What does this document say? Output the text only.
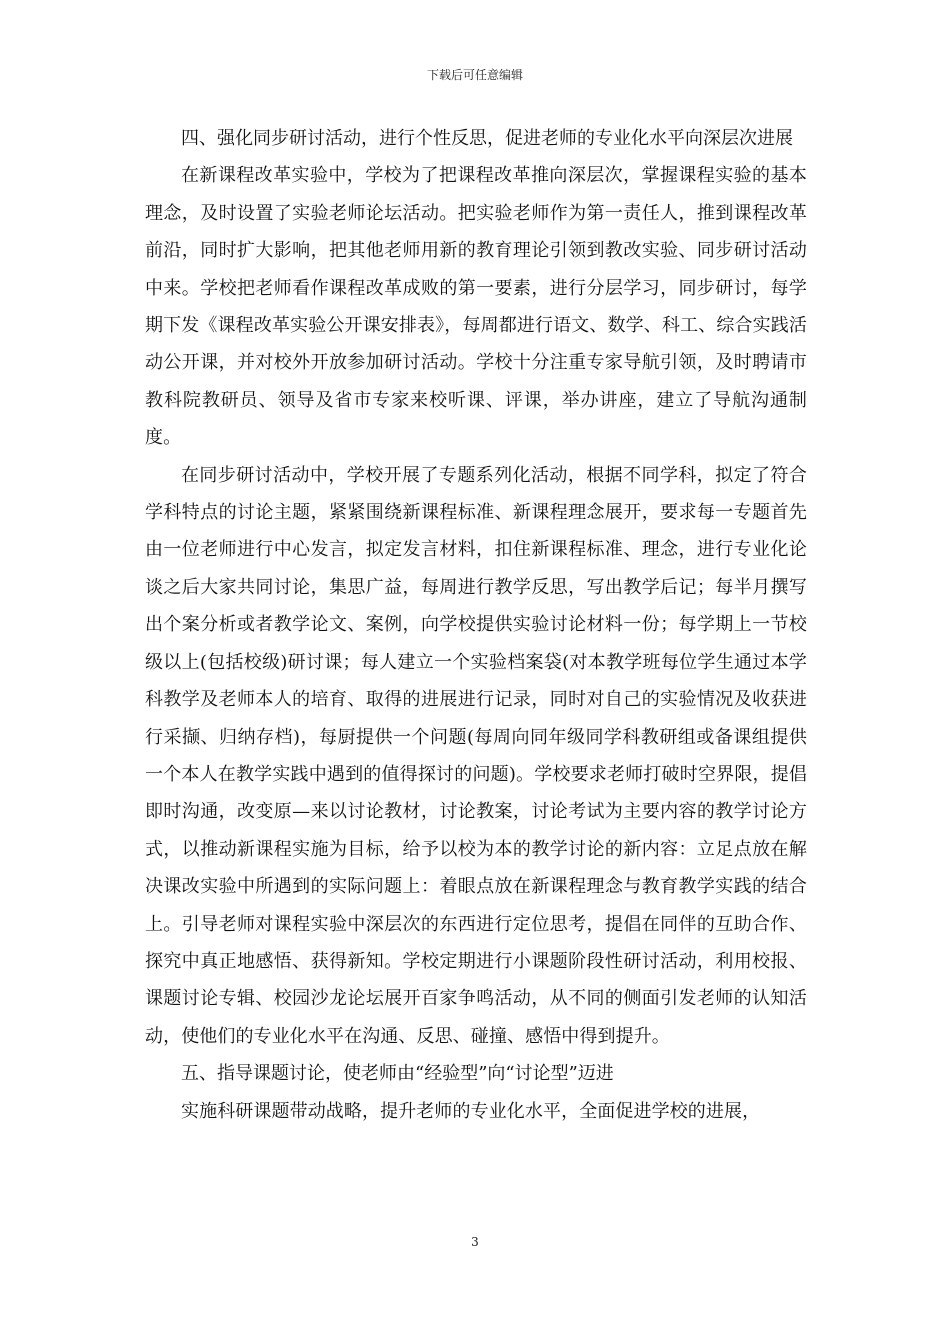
下载后可任意编辑

四、强化同步研讨活动，进行个性反思，促进老师的专业化水平向深层次进展

在新课程改革实验中，学校为了把课程改革推向深层次，掌握课程实验的基本理念，及时设置了实验老师论坛活动。把实验老师作为第一责任人，推到课程改革前沿，同时扩大影响，把其他老师用新的教育理论引领到教改实验、同步研讨活动中来。学校把老师看作课程改革成败的第一要素，进行分层学习，同步研讨，每学期下发《课程改革实验公开课安排表》，每周都进行语文、数学、科工、综合实践活动公开课，并对校外开放参加研讨活动。学校十分注重专家导航引领，及时聘请市教科院教研员、领导及省市专家来校听课、评课，举办讲座，建立了导航沟通制度。

在同步研讨活动中，学校开展了专题系列化活动，根据不同学科，拟定了符合学科特点的讨论主题，紧紧围绕新课程标准、新课程理念展开，要求每一专题首先由一位老师进行中心发言，拟定发言材料，扣住新课程标准、理念，进行专业化论谈之后大家共同讨论，集思广益，每周进行教学反思，写出教学后记；每半月撰写出个案分析或者教学论文、案例，向学校提供实验讨论材料一份；每学期上一节校级以上(包括校级)研讨课；每人建立一个实验档案袋(对本教学班每位学生通过本学科教学及老师本人的培育、取得的进展进行记录，同时对自己的实验情况及收获进行采撷、归纳存档)，每厨提供一个问题(每周向同年级同学科教研组或备课组提供一个本人在教学实践中遇到的值得探讨的问题)。学校要求老师打破时空界限，提倡即时沟通，改变原—来以讨论教材，讨论教案，讨论考试为主要内容的教学讨论方式，以推动新课程实施为目标，给予以校为本的教学讨论的新内容：立足点放在解决课改实验中所遇到的实际问题上：着眼点放在新课程理念与教育教学实践的结合上。引导老师对课程实验中深层次的东西进行定位思考，提倡在同伴的互助合作、探究中真正地感悟、获得新知。学校定期进行小课题阶段性研讨活动，利用校报、课题讨论专辑、校园沙龙论坛展开百家争鸣活动，从不同的侧面引发老师的认知活动，使他们的专业化水平在沟通、反思、碰撞、感悟中得到提升。

五、指导课题讨论，使老师由“经验型”向“讨论型”迈进

实施科研课题带动战略，提升老师的专业化水平，全面促进学校的进展，

3
